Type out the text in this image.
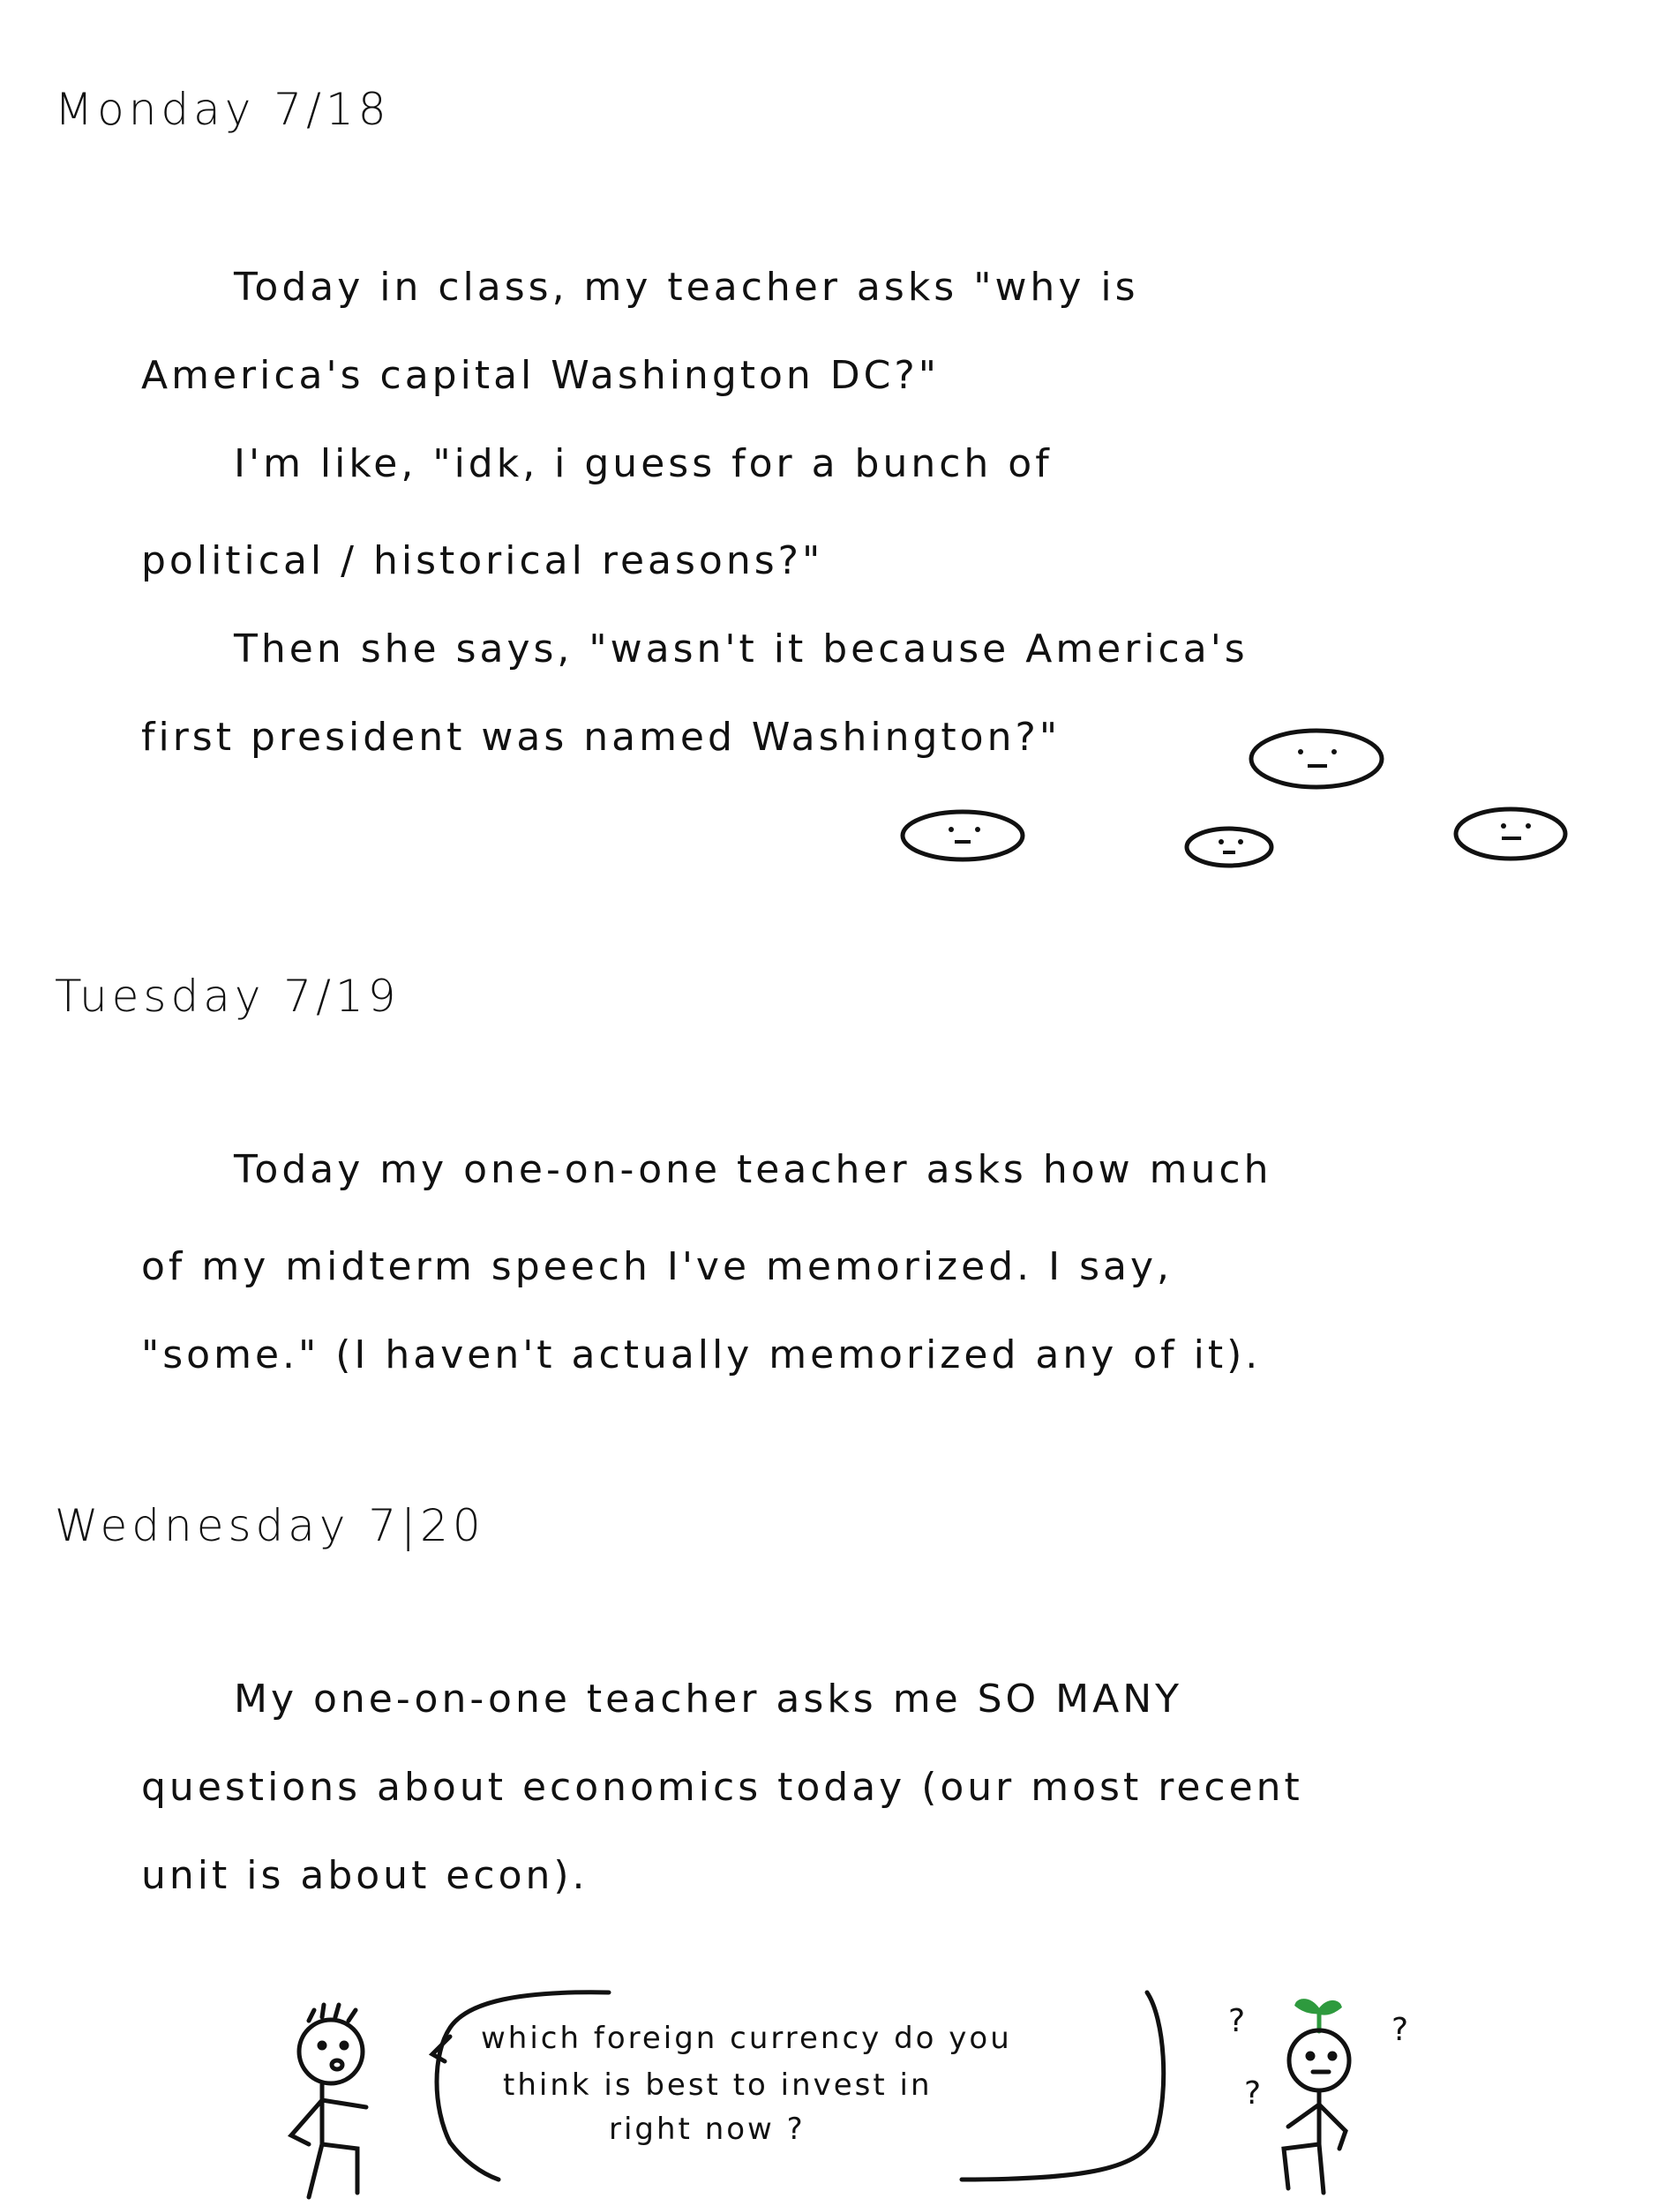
Monday 7/18
Today in class, my teacher asks "why is
America's capital Washington DC?"
I'm like, "idk, i guess for a bunch of
political / historical reasons?"
Then she says, "wasn't it because America's
first president was named Washington?"
Tuesday 7/19
Today my one-on-one teacher asks how much
of my midterm speech I've memorized. I say,
"some." (I haven't actually memorized any of it).
Wednesday 7|20
My one-on-one teacher asks me SO MANY
questions about economics today (our most recent
unit is about econ).
which foreign currency do you
think is best to invest in
right now ?
?
?
?
